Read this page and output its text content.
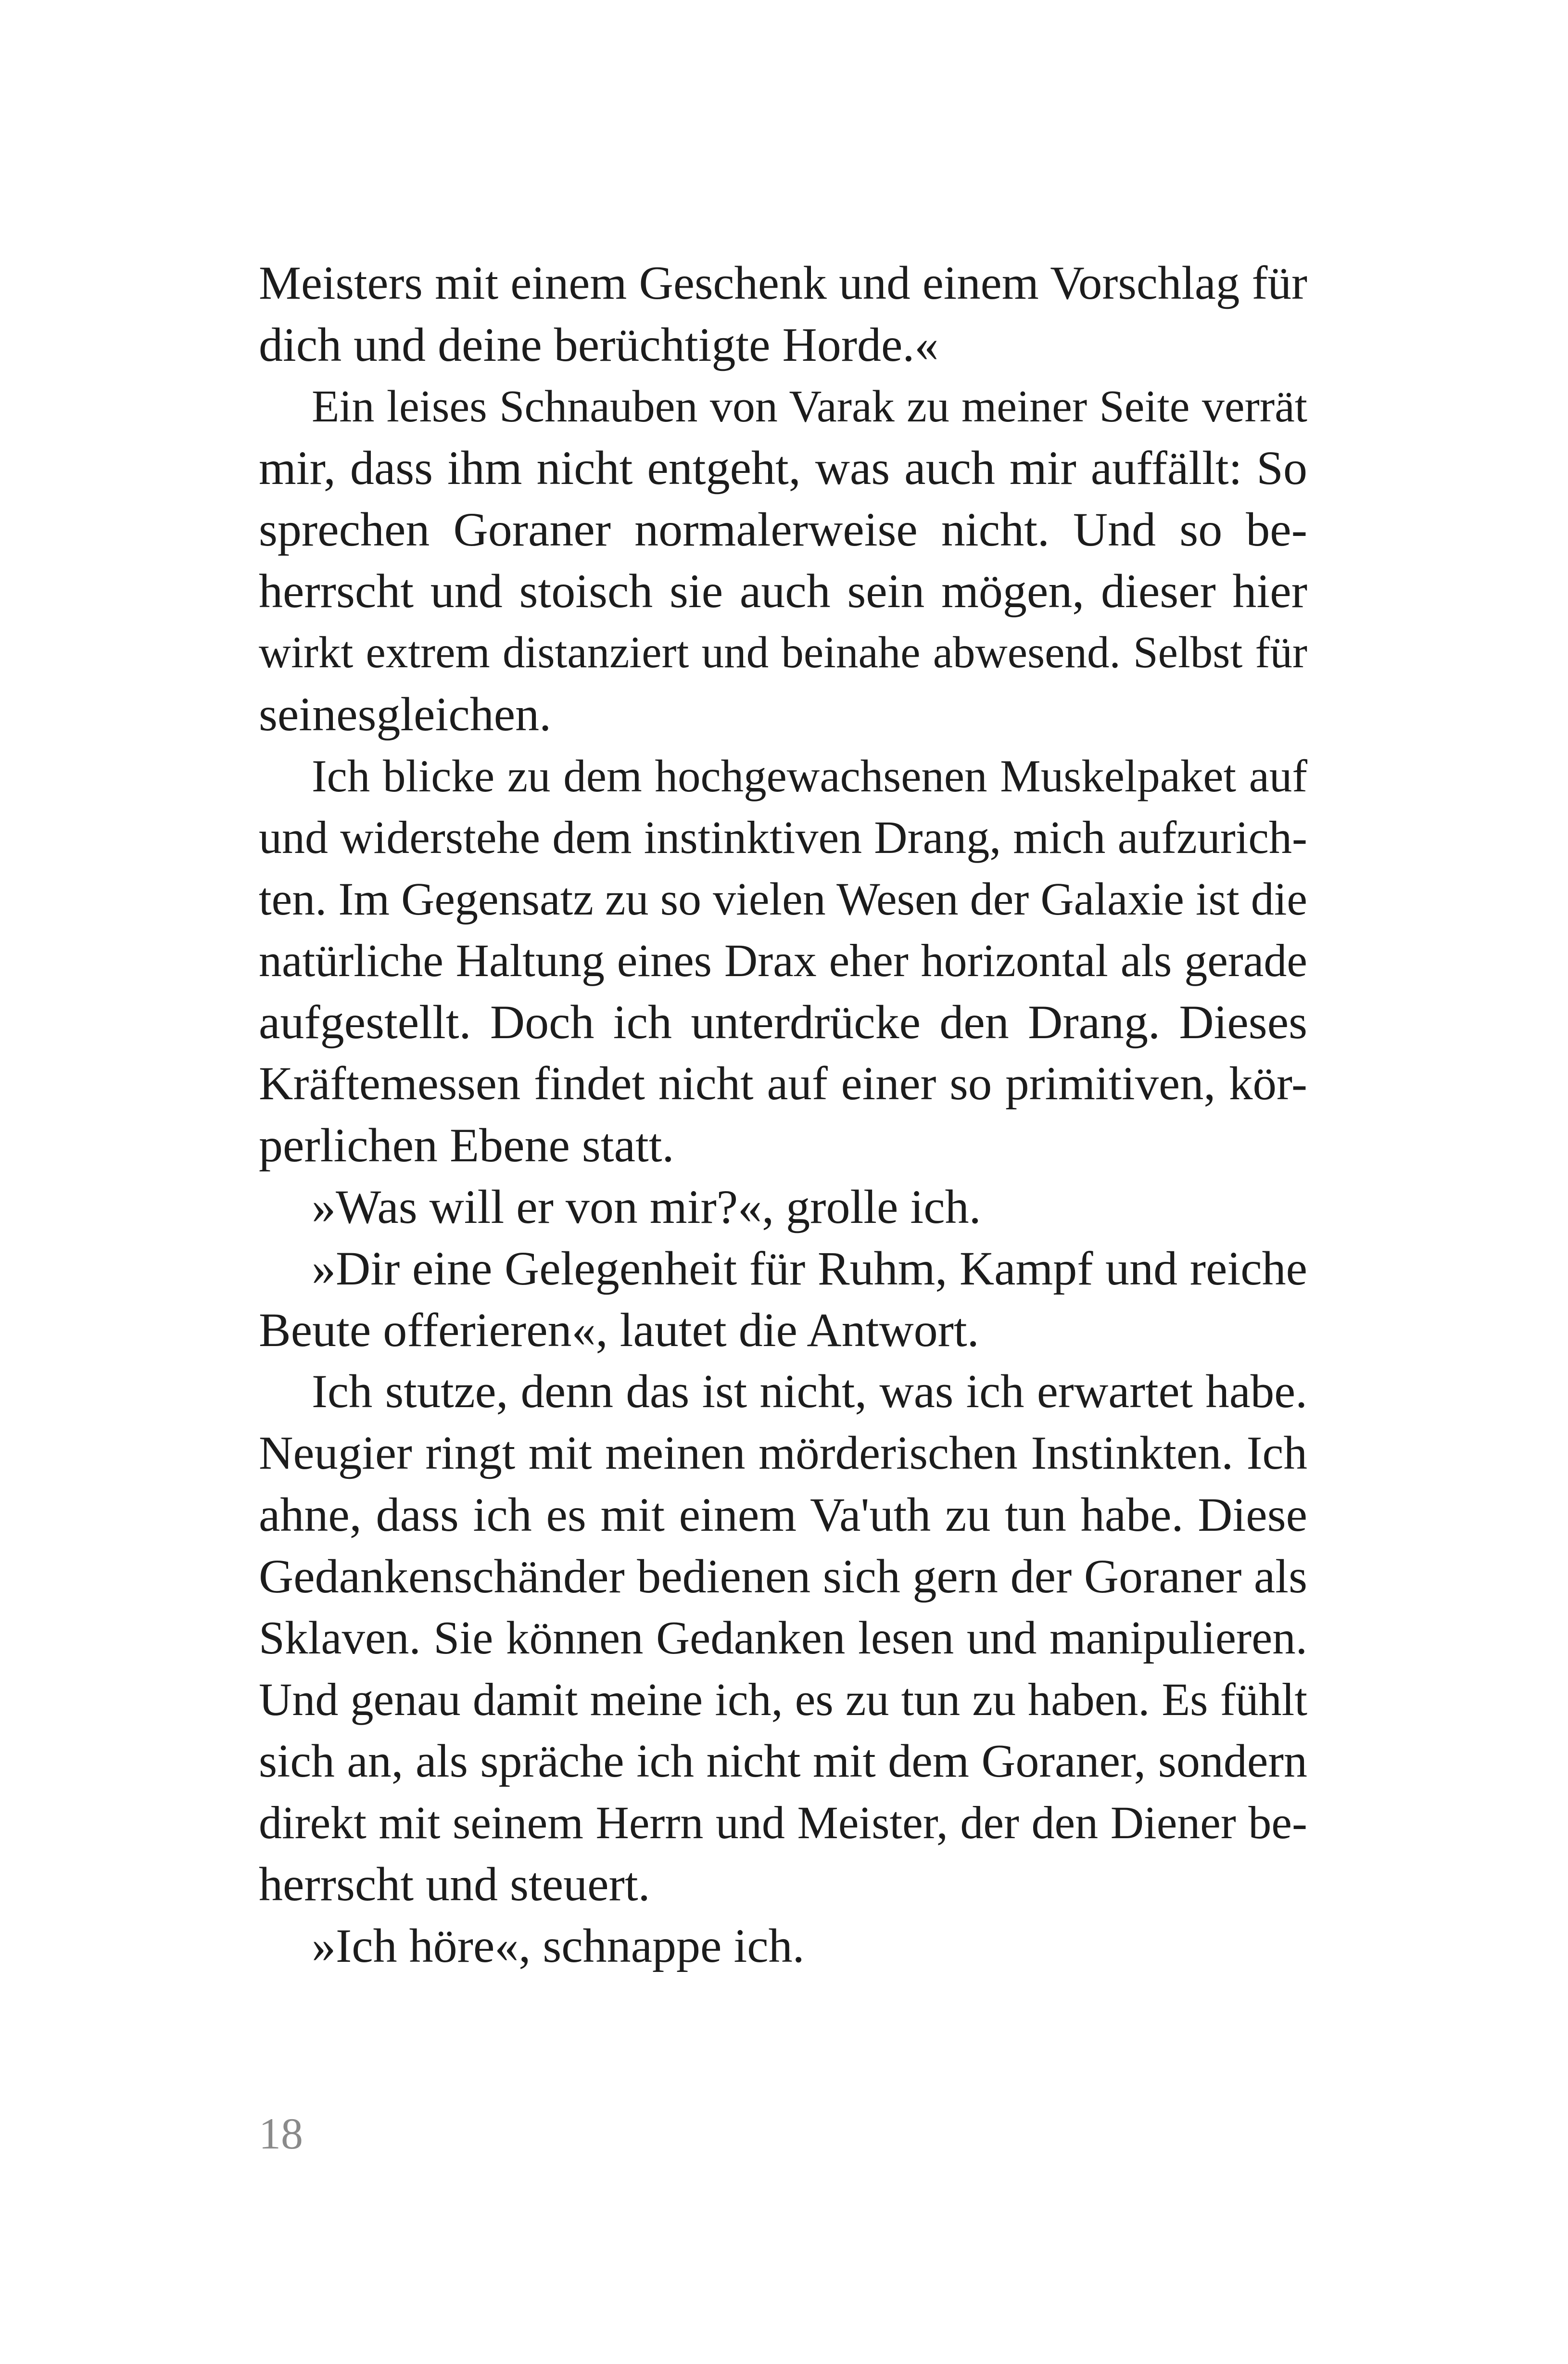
Meisters mit einem Geschenk und einem Vorschlag für
dich und deine berüchtigte Horde.«
Ein leises Schnauben von Varak zu meiner Seite verrät
mir, dass ihm nicht entgeht, was auch mir auffällt: So
sprechen Goraner normalerweise nicht. Und so be-
herrscht und stoisch sie auch sein mögen, dieser hier
wirkt extrem distanziert und beinahe abwesend. Selbst für
seinesgleichen.
Ich blicke zu dem hochgewachsenen Muskelpaket auf
und widerstehe dem instinktiven Drang, mich aufzurich-
ten. Im Gegensatz zu so vielen Wesen der Galaxie ist die
natürliche Haltung eines Drax eher horizontal als gerade
aufgestellt. Doch ich unterdrücke den Drang. Dieses
Kräftemessen findet nicht auf einer so primitiven, kör-
perlichen Ebene statt.
»Was will er von mir?«, grolle ich.
»Dir eine Gelegenheit für Ruhm, Kampf und reiche
Beute offerieren«, lautet die Antwort.
Ich stutze, denn das ist nicht, was ich erwartet habe.
Neugier ringt mit meinen mörderischen Instinkten. Ich
ahne, dass ich es mit einem Va'uth zu tun habe. Diese
Gedankenschänder bedienen sich gern der Goraner als
Sklaven. Sie können Gedanken lesen und manipulieren.
Und genau damit meine ich, es zu tun zu haben. Es fühlt
sich an, als spräche ich nicht mit dem Goraner, sondern
direkt mit seinem Herrn und Meister, der den Diener be-
herrscht und steuert.
»Ich höre«, schnappe ich.
18
